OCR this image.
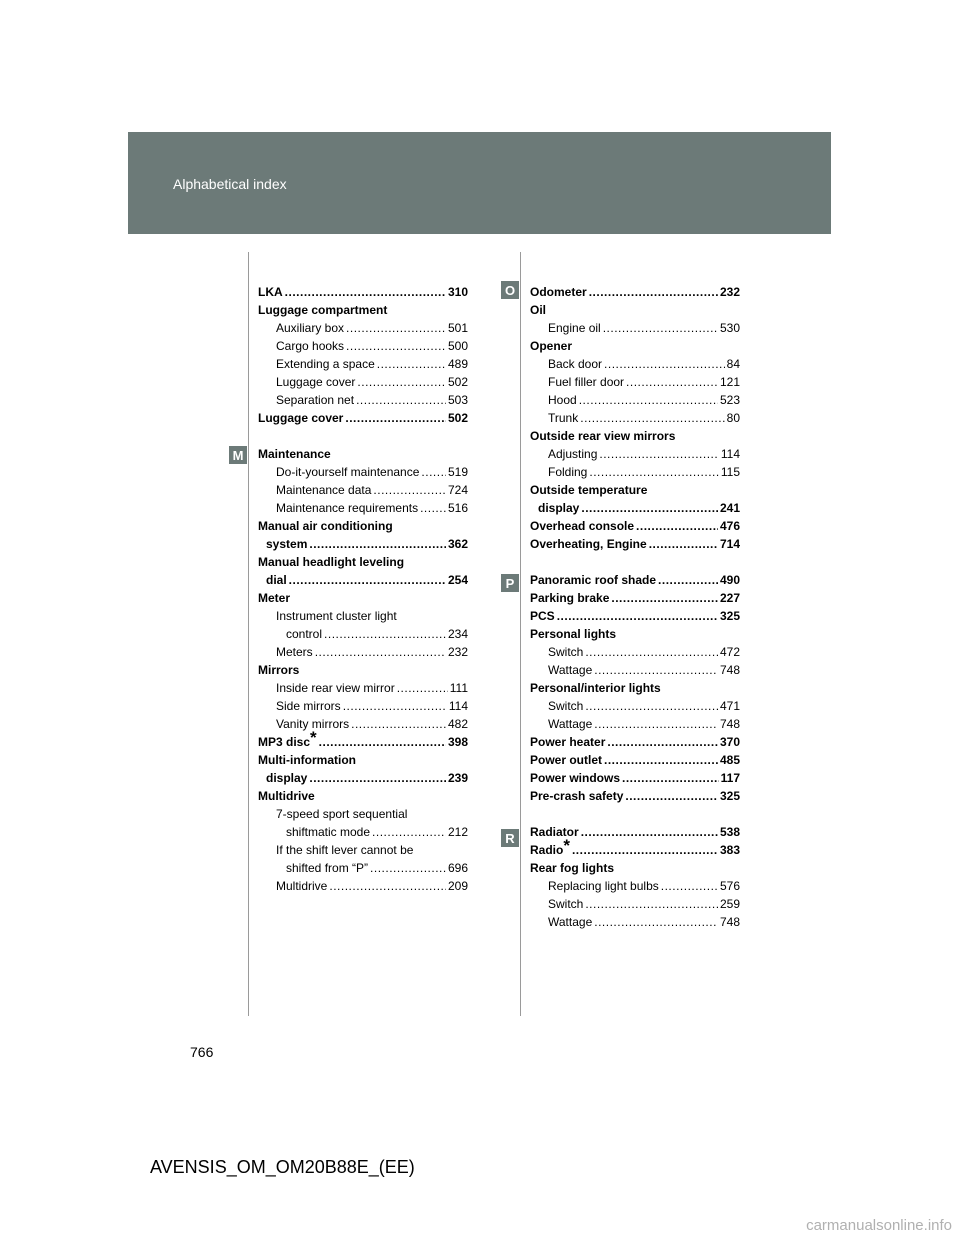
Alphabetical index
M
O
P
R
LKA .....	310
Luggage compartment
Auxiliary box .....	501
Cargo hooks .....	500
Extending a space .....	489
Luggage cover .....	502
Separation net .....	503
Luggage cover .....	502
Maintenance
Do-it-yourself maintenance ..... 519
Maintenance data .....	724
Maintenance requirements ..... 516
Manual air conditioning
system .....	362
Manual headlight leveling
dial .....	254
Meter
Instrument cluster light
control .....	234
Meters .....	232
Mirrors
Inside rear view mirror .....	111
Side mirrors .....	114
Vanity mirrors .....	482
MP3 disc * .....	398
Multi-information
display .....	239
Multidrive
7-speed sport sequential
shiftmatic mode .....	212
If the shift lever cannot be
shifted from “P” .....	696
Multidrive .....	209
Odometer .....	232
Oil
Engine oil .....	530
Opener
Back door .....	84
Fuel filler door .....	121
Hood .....	523
Trunk .....	80
Outside rear view mirrors
Adjusting .....	114
Folding .....	115
Outside temperature
display .....	241
Overhead console .....	476
Overheating, Engine .....	714
Panoramic roof shade .....	490
Parking brake .....	227
PCS .....	325
Personal lights
Switch .....	472
Wattage .....	748
Personal/interior lights
Switch .....	471
Wattage .....	748
Power heater .....	370
Power outlet .....	485
Power windows .....	117
Pre-crash safety .....	325
Radiator .....	538
Radio * .....	383
Rear fog lights
Replacing light bulbs .....	576
Switch .....	259
Wattage .....	748
766
AVENSIS_OM_OM20B88E_(EE)
carmanualsonline.info
